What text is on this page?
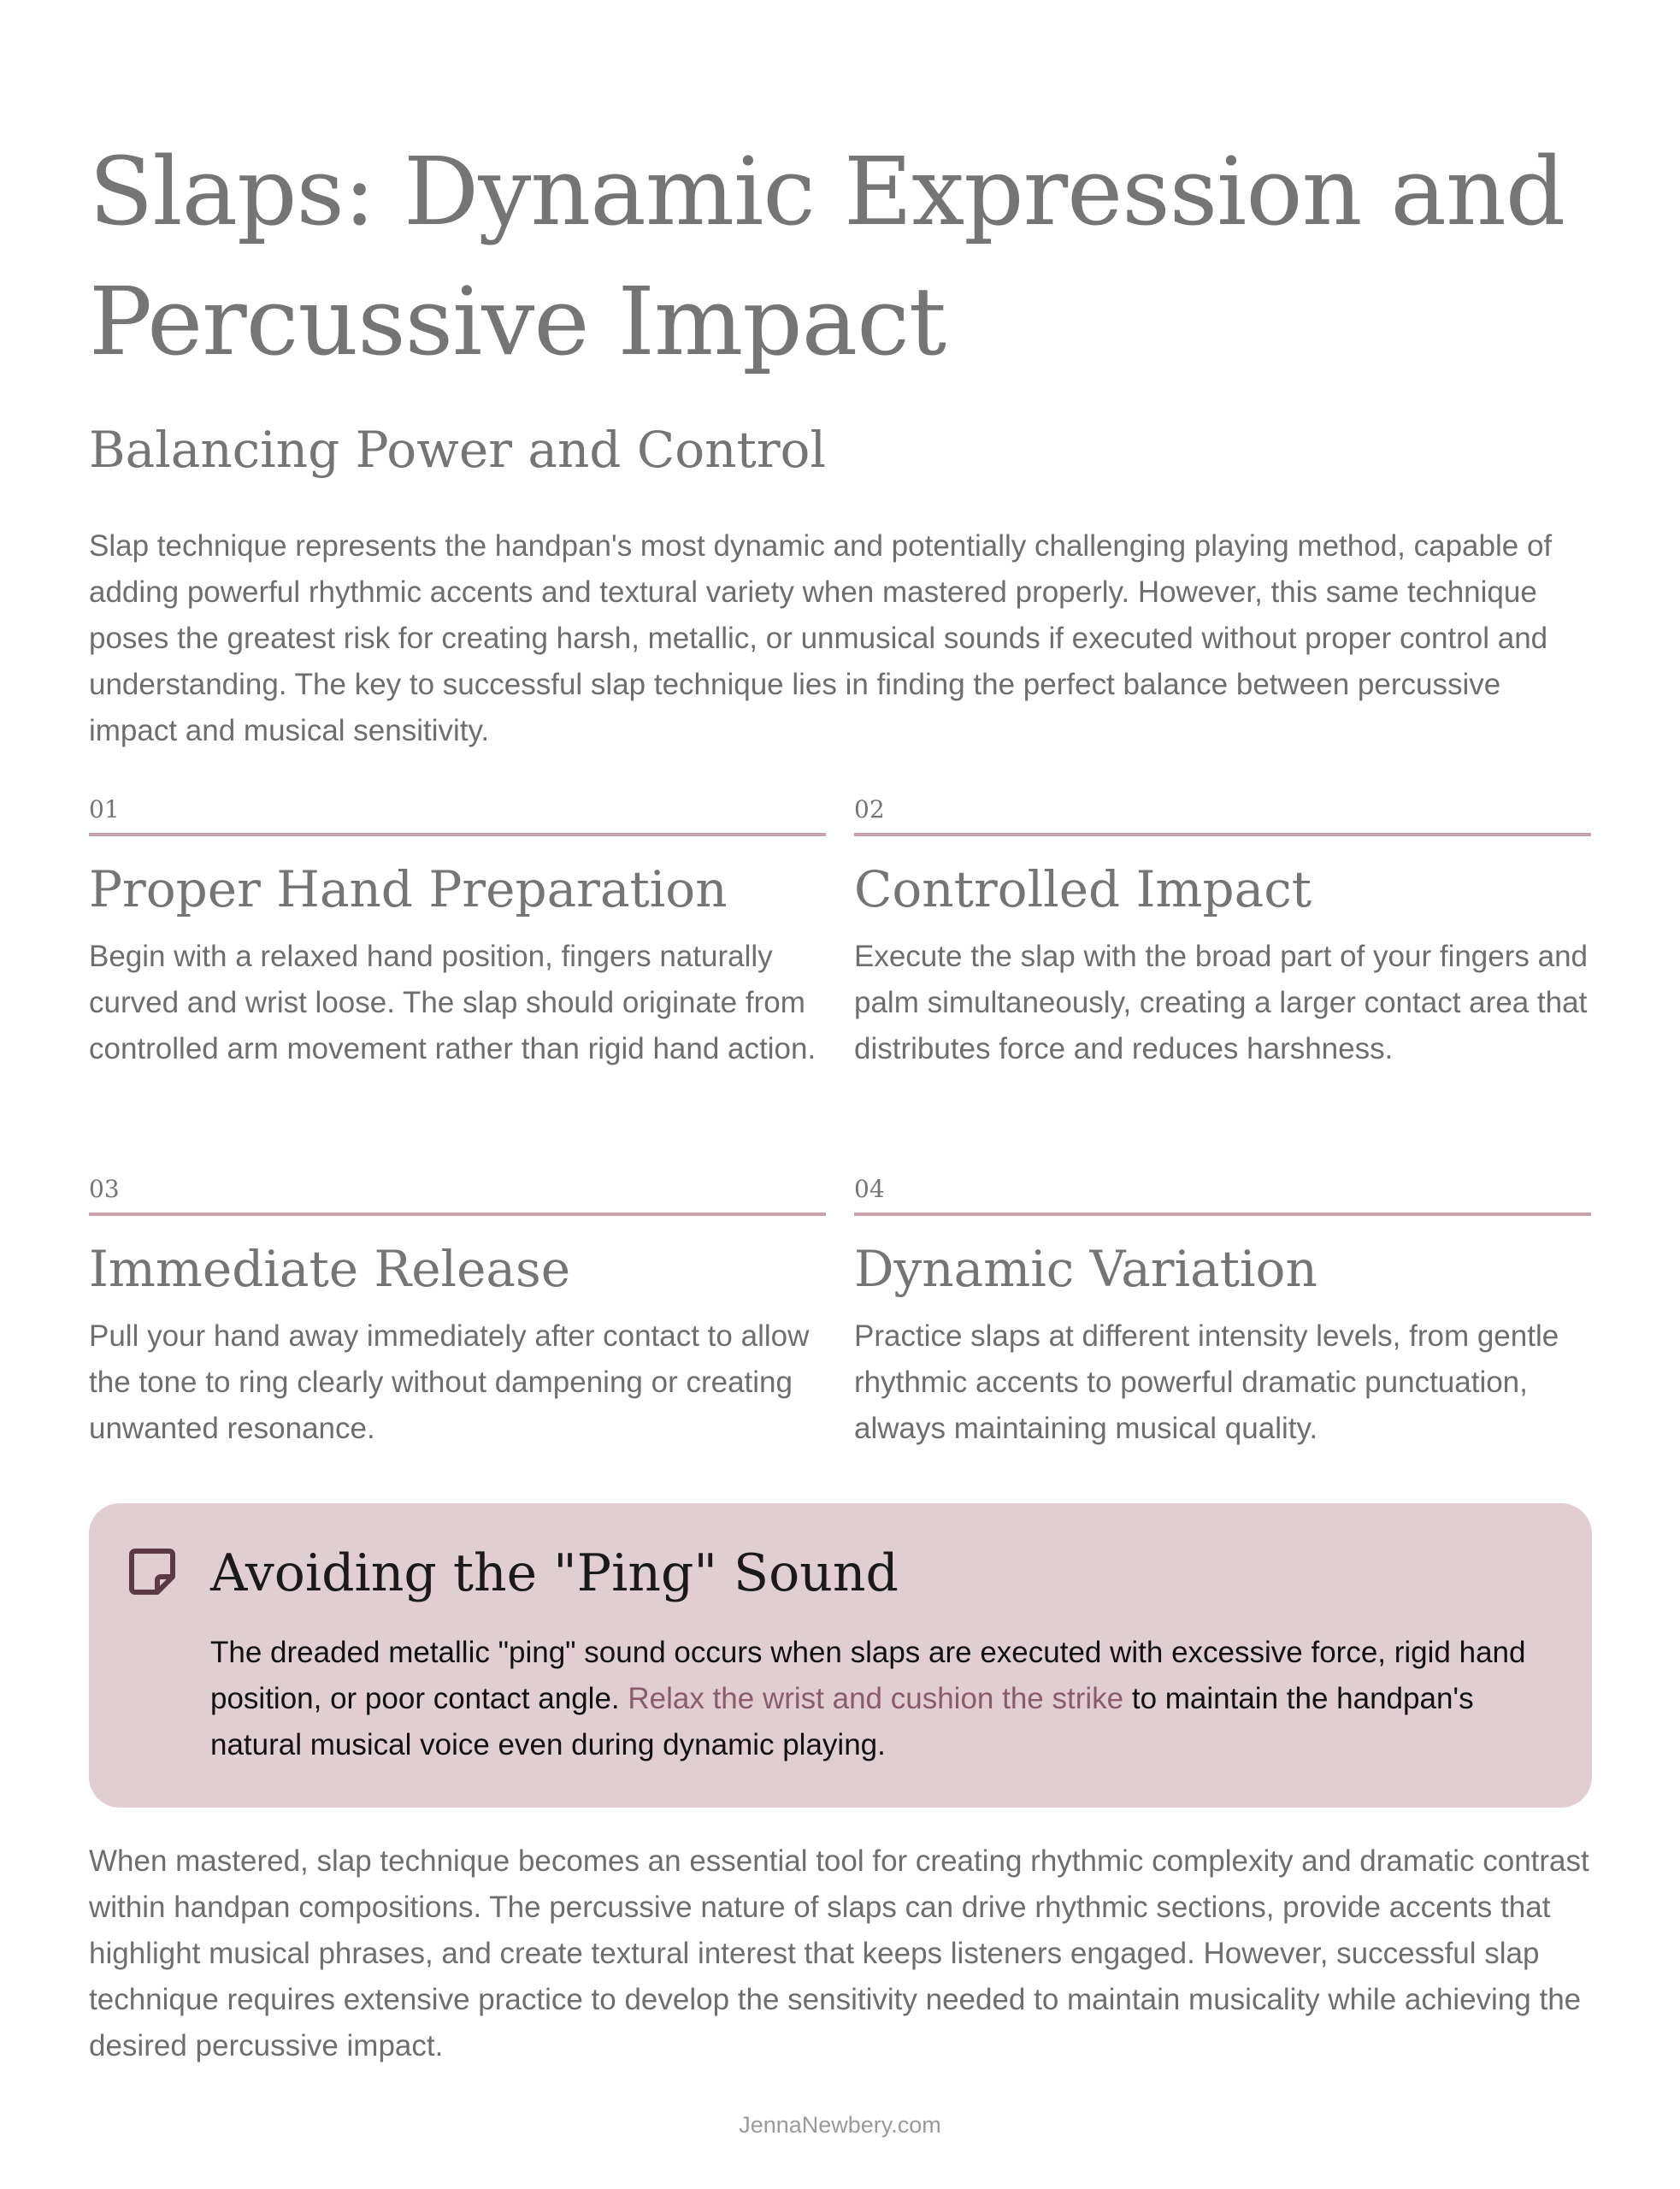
Slaps: Dynamic Expression and Percussive Impact
Balancing Power and Control

Slap technique represents the handpan's most dynamic and potentially challenging playing method, capable of adding powerful rhythmic accents and textural variety when mastered properly. However, this same technique poses the greatest risk for creating harsh, metallic, or unmusical sounds if executed without proper control and understanding. The key to successful slap technique lies in finding the perfect balance between percussive impact and musical sensitivity.

01
Proper Hand Preparation
Begin with a relaxed hand position, fingers naturally curved and wrist loose. The slap should originate from controlled arm movement rather than rigid hand action.
02
Controlled Impact
Execute the slap with the broad part of your fingers and palm simultaneously, creating a larger contact area that distributes force and reduces harshness.
03
Immediate Release
Pull your hand away immediately after contact to allow the tone to ring clearly without dampening or creating unwanted resonance.
04
Dynamic Variation
Practice slaps at different intensity levels, from gentle rhythmic accents to powerful dramatic punctuation, always maintaining musical quality.
Avoiding the "Ping" Sound
The dreaded metallic "ping" sound occurs when slaps are executed with excessive force, rigid hand position, or poor contact angle. Relax the wrist and cushion the strike to maintain the handpan's natural musical voice even during dynamic playing.

When mastered, slap technique becomes an essential tool for creating rhythmic complexity and dramatic contrast within handpan compositions. The percussive nature of slaps can drive rhythmic sections, provide accents that highlight musical phrases, and create textural interest that keeps listeners engaged. However, successful slap technique requires extensive practice to develop the sensitivity needed to maintain musicality while achieving the desired percussive impact.

JennaNewbery.com
